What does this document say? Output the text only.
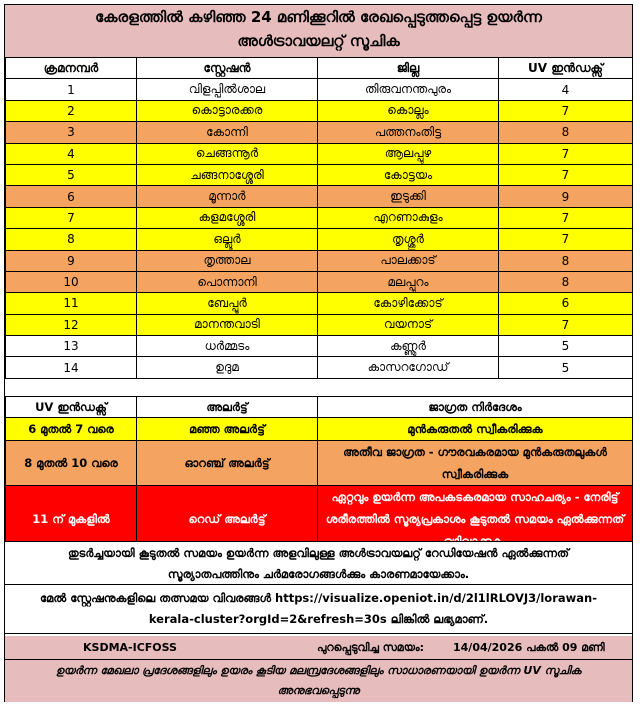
കേരളത്തിൽ കഴിഞ്ഞ 24 മണിക്കൂറിൽ രേഖപ്പെടുത്തപ്പെട്ട ഉയർന്ന
അൾട്രാവയലറ്റ് സൂചിക
ക്രമനമ്പർ	സ്റ്റേഷൻ	ജില്ല	UV ഇൻഡക്സ്
1	വിളപ്പിൽശാല	തിരുവനന്തപുരം	4
2	കൊട്ടാരക്കര	കൊല്ലം	7
3	കോന്നി	പത്തനംതിട്ട	8
4	ചെങ്ങന്നൂർ	ആലപ്പുഴ	7
5	ചങ്ങനാശ്ശേരി	കോട്ടയം	7
6	മൂന്നാർ	ഇടുക്കി	9
7	കളമശ്ശേരി	എറണാകുളം	7
8	ഒല്ലൂർ	തൃശ്ശൂർ	7
9	തൃത്താല	പാലക്കാട്	8
10	പൊന്നാനി	മലപ്പുറം	8
11	ബേപ്പൂർ	കോഴിക്കോട്	6
12	മാനന്തവാടി	വയനാട്	7
13	ധർമ്മടം	കണ്ണൂർ	5
14	ഉദുമ	കാസറഗോഡ്	5
UV ഇൻഡക്സ്	അലർട്ട്	ജാഗ്രത നിർദേശം
6 മുതൽ 7 വരെ	മഞ്ഞ അലർട്ട്	മുൻകരുതൽ സ്വീകരിക്കുക
8 മുതൽ 10 വരെ	ഓറഞ്ച് അലർട്ട്	അതീവ ജാഗ്രത - ഗൗരവകരമായ മുൻകരുതലുകൾ സ്വീകരിക്കുക
11 ന് മുകളിൽ	റെഡ് അലർട്ട്	ഏറ്റവും ഉയർന്ന അപകടകരമായ സാഹചര്യം - നേരിട്ട് ശരീരത്തിൽ സൂര്യപ്രകാശം കൂടുതൽ സമയം ഏൽക്കുന്നത്
തുടർച്ചയായി കൂടുതൽ സമയം ഉയർന്ന അളവിലുള്ള അൾട്രാവയലറ്റ് റേഡിയേഷൻ ഏൽക്കുന്നത്
സൂര്യാതപത്തിനും ചർമരോഗങ്ങൾക്കും കാരണമായേക്കാം.
മേൽ സ്റ്റേഷനുകളിലെ തത്സമയ വിവരങ്ങൾ https://visualize.openiot.in/d/2l1lRLOVJ3/lorawan-
kerala-cluster?orgId=2&refresh=30s ലിങ്കിൽ ലഭ്യമാണ്.
KSDMA-ICFOSS	പുറപ്പെടുവിച്ച സമയം:	14/04/2026 പകൽ 09 മണി
ഉയർന്ന മേഖലാ പ്രദേശങ്ങളിലും ഉയരം കൂടിയ മലമ്പ്രദേശങ്ങളിലും സാധാരണയായി ഉയർന്ന UV സൂചിക
അനുഭവപ്പെടുന്നു
